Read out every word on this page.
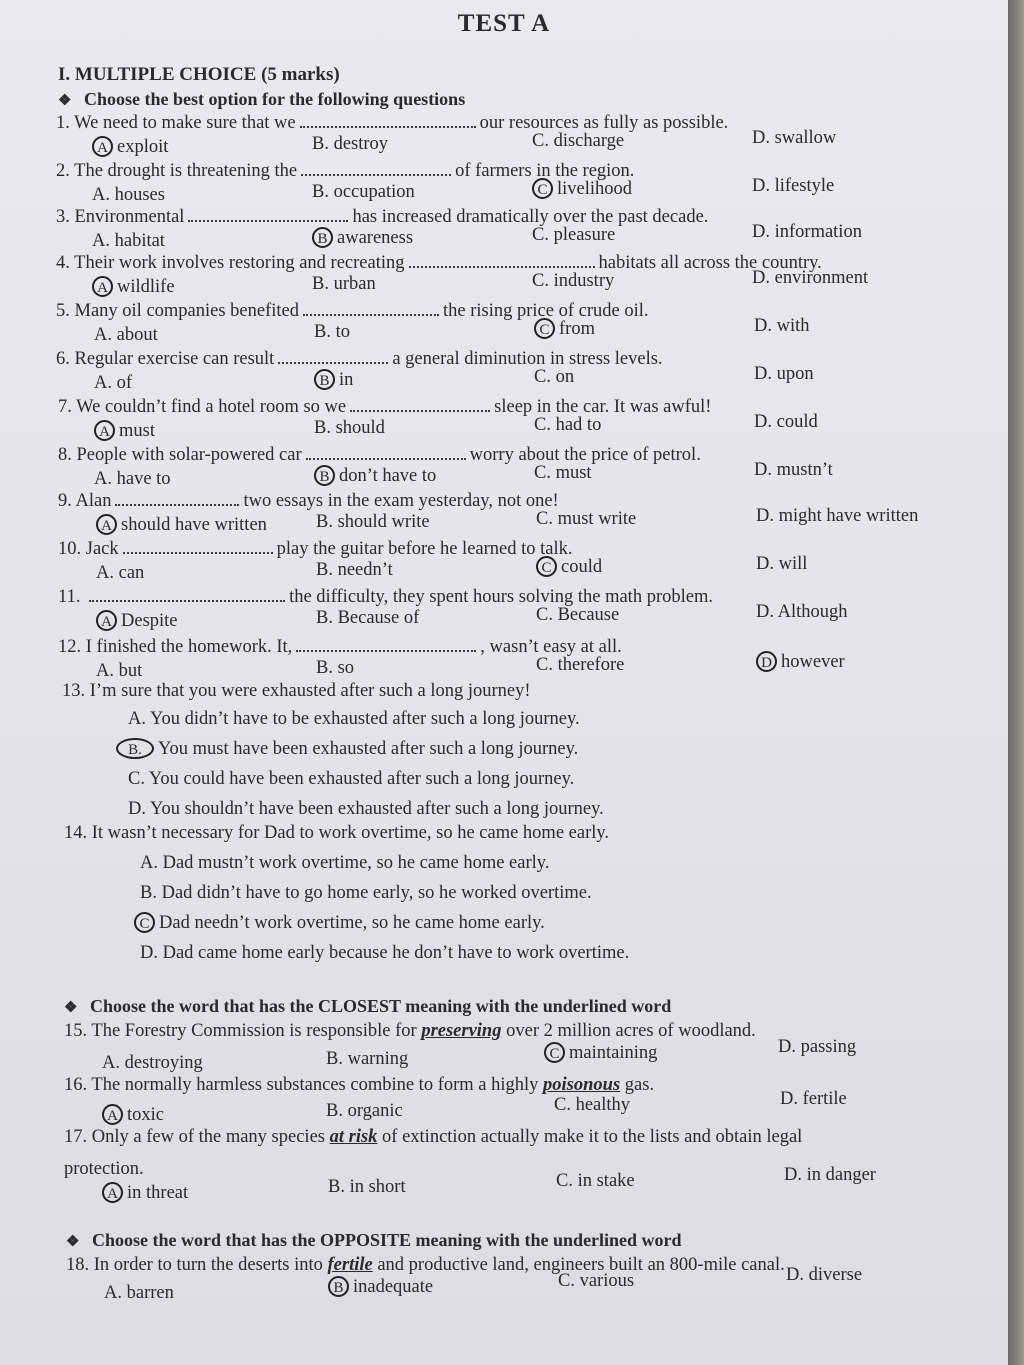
TEST A
I. MULTIPLE CHOICE (5 marks)
❖ Choose the best option for the following questions
1. We need to make sure that we	our resources as fully as possible.
A exploit	B. destroy	C. discharge	D. swallow
2. The drought is threatening the	of farmers in the region.
A. houses	B. occupation	C livelihood	D. lifestyle
3. Environmental	has increased dramatically over the past decade.
A. habitat	B awareness	C. pleasure	D. information
4. Their work involves restoring and recreating	habitats all across the country.
A wildlife	B. urban	C. industry	D. environment
5. Many oil companies benefited	the rising price of crude oil.
A. about	B. to	C from	D. with
6. Regular exercise can result	a general diminution in stress levels.
A. of	B in	C. on	D. upon
7. We couldn’t find a hotel room so we	sleep in the car. It was awful!
A must	B. should	C. had to	D. could
8. People with solar-powered car	worry about the price of petrol.
A. have to	B don’t have to	C. must	D. mustn’t
9. Alan	two essays in the exam yesterday, not one!
A should have written	B. should write	C. must write	D. might have written
10. Jack	play the guitar before he learned to talk.
A. can	B. needn’t	C could	D. will
11.	the difficulty, they spent hours solving the math problem.
A Despite	B. Because of	C. Because	D. Although
12. I finished the homework. It,	, wasn’t easy at all.
A. but	B. so	C. therefore	D however
13. I’m sure that you were exhausted after such a long journey!
A. You didn’t have to be exhausted after such a long journey.
B. You must have been exhausted after such a long journey.
C. You could have been exhausted after such a long journey.
D. You shouldn’t have been exhausted after such a long journey.
14. It wasn’t necessary for Dad to work overtime, so he came home early.
A. Dad mustn’t work overtime, so he came home early.
B. Dad didn’t have to go home early, so he worked overtime.
C Dad needn’t work overtime, so he came home early.
D. Dad came home early because he don’t have to work overtime.
❖ Choose the word that has the CLOSEST meaning with the underlined word
15. The Forestry Commission is responsible for preserving over 2 million acres of woodland.
A. destroying	B. warning	C maintaining	D. passing
16. The normally harmless substances combine to form a highly poisonous gas.
A toxic	B. organic	C. healthy	D. fertile
17. Only a few of the many species at risk of extinction actually make it to the lists and obtain legal
protection.
A in threat	B. in short	C. in stake	D. in danger
❖ Choose the word that has the OPPOSITE meaning with the underlined word
18. In order to turn the deserts into fertile and productive land, engineers built an 800-mile canal.
A. barren	B inadequate	C. various	D. diverse
